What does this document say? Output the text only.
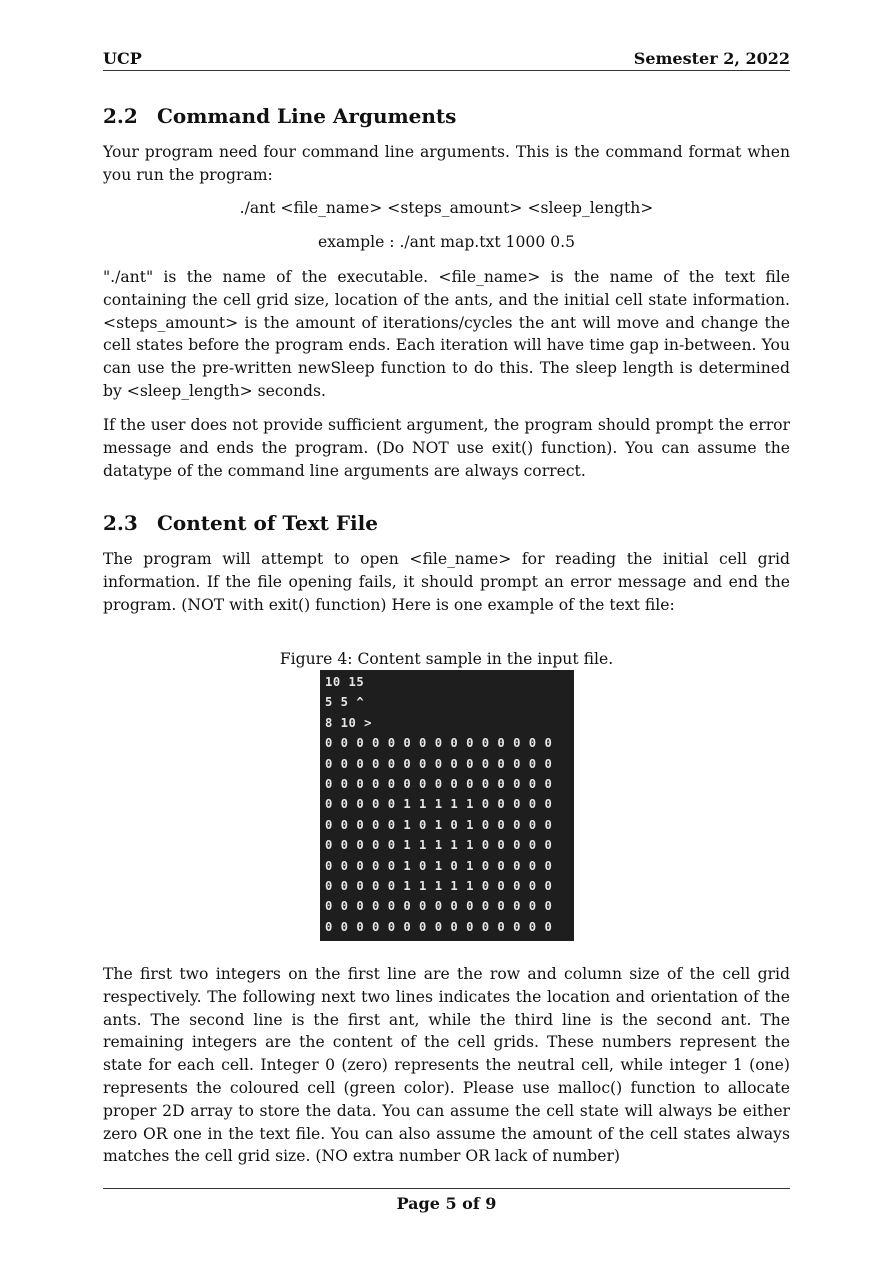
UCP	Semester 2, 2022
2.2 Command Line Arguments

Your program need four command line arguments. This is the command format when you run the program:

./ant <file_name> <steps_amount> <sleep_length>
example : ./ant map.txt 1000 0.5

"./ant" is the name of the executable. <file_name> is the name of the text file containing the cell grid size, location of the ants, and the initial cell state information. <steps_amount> is the amount of iterations/cycles the ant will move and change the cell states before the program ends. Each iteration will have time gap in-between. You can use the pre-written newSleep function to do this. The sleep length is determined by <sleep_length> seconds.

If the user does not provide sufficient argument, the program should prompt the error message and ends the program. (Do NOT use exit() function). You can assume the datatype of the command line arguments are always correct.

2.3 Content of Text File

The program will attempt to open <file_name> for reading the initial cell grid information. If the file opening fails, it should prompt an error message and end the program. (NOT with exit() function) Here is one example of the text file:

Figure 4: Content sample in the input file.
10 15
5 5 ^
8 10 >
0 0 0 0 0 0 0 0 0 0 0 0 0 0 0
0 0 0 0 0 0 0 0 0 0 0 0 0 0 0
0 0 0 0 0 0 0 0 0 0 0 0 0 0 0
0 0 0 0 0 1 1 1 1 1 0 0 0 0 0
0 0 0 0 0 1 0 1 0 1 0 0 0 0 0
0 0 0 0 0 1 1 1 1 1 0 0 0 0 0
0 0 0 0 0 1 0 1 0 1 0 0 0 0 0
0 0 0 0 0 1 1 1 1 1 0 0 0 0 0
0 0 0 0 0 0 0 0 0 0 0 0 0 0 0
0 0 0 0 0 0 0 0 0 0 0 0 0 0 0

The first two integers on the first line are the row and column size of the cell grid respectively. The following next two lines indicates the location and orientation of the ants. The second line is the first ant, while the third line is the second ant. The remaining integers are the content of the cell grids. These numbers represent the state for each cell. Integer 0 (zero) represents the neutral cell, while integer 1 (one) represents the coloured cell (green color). Please use malloc() function to allocate proper 2D array to store the data. You can assume the cell state will always be either zero OR one in the text file. You can also assume the amount of the cell states always matches the cell grid size. (NO extra number OR lack of number)

Page 5 of 9
